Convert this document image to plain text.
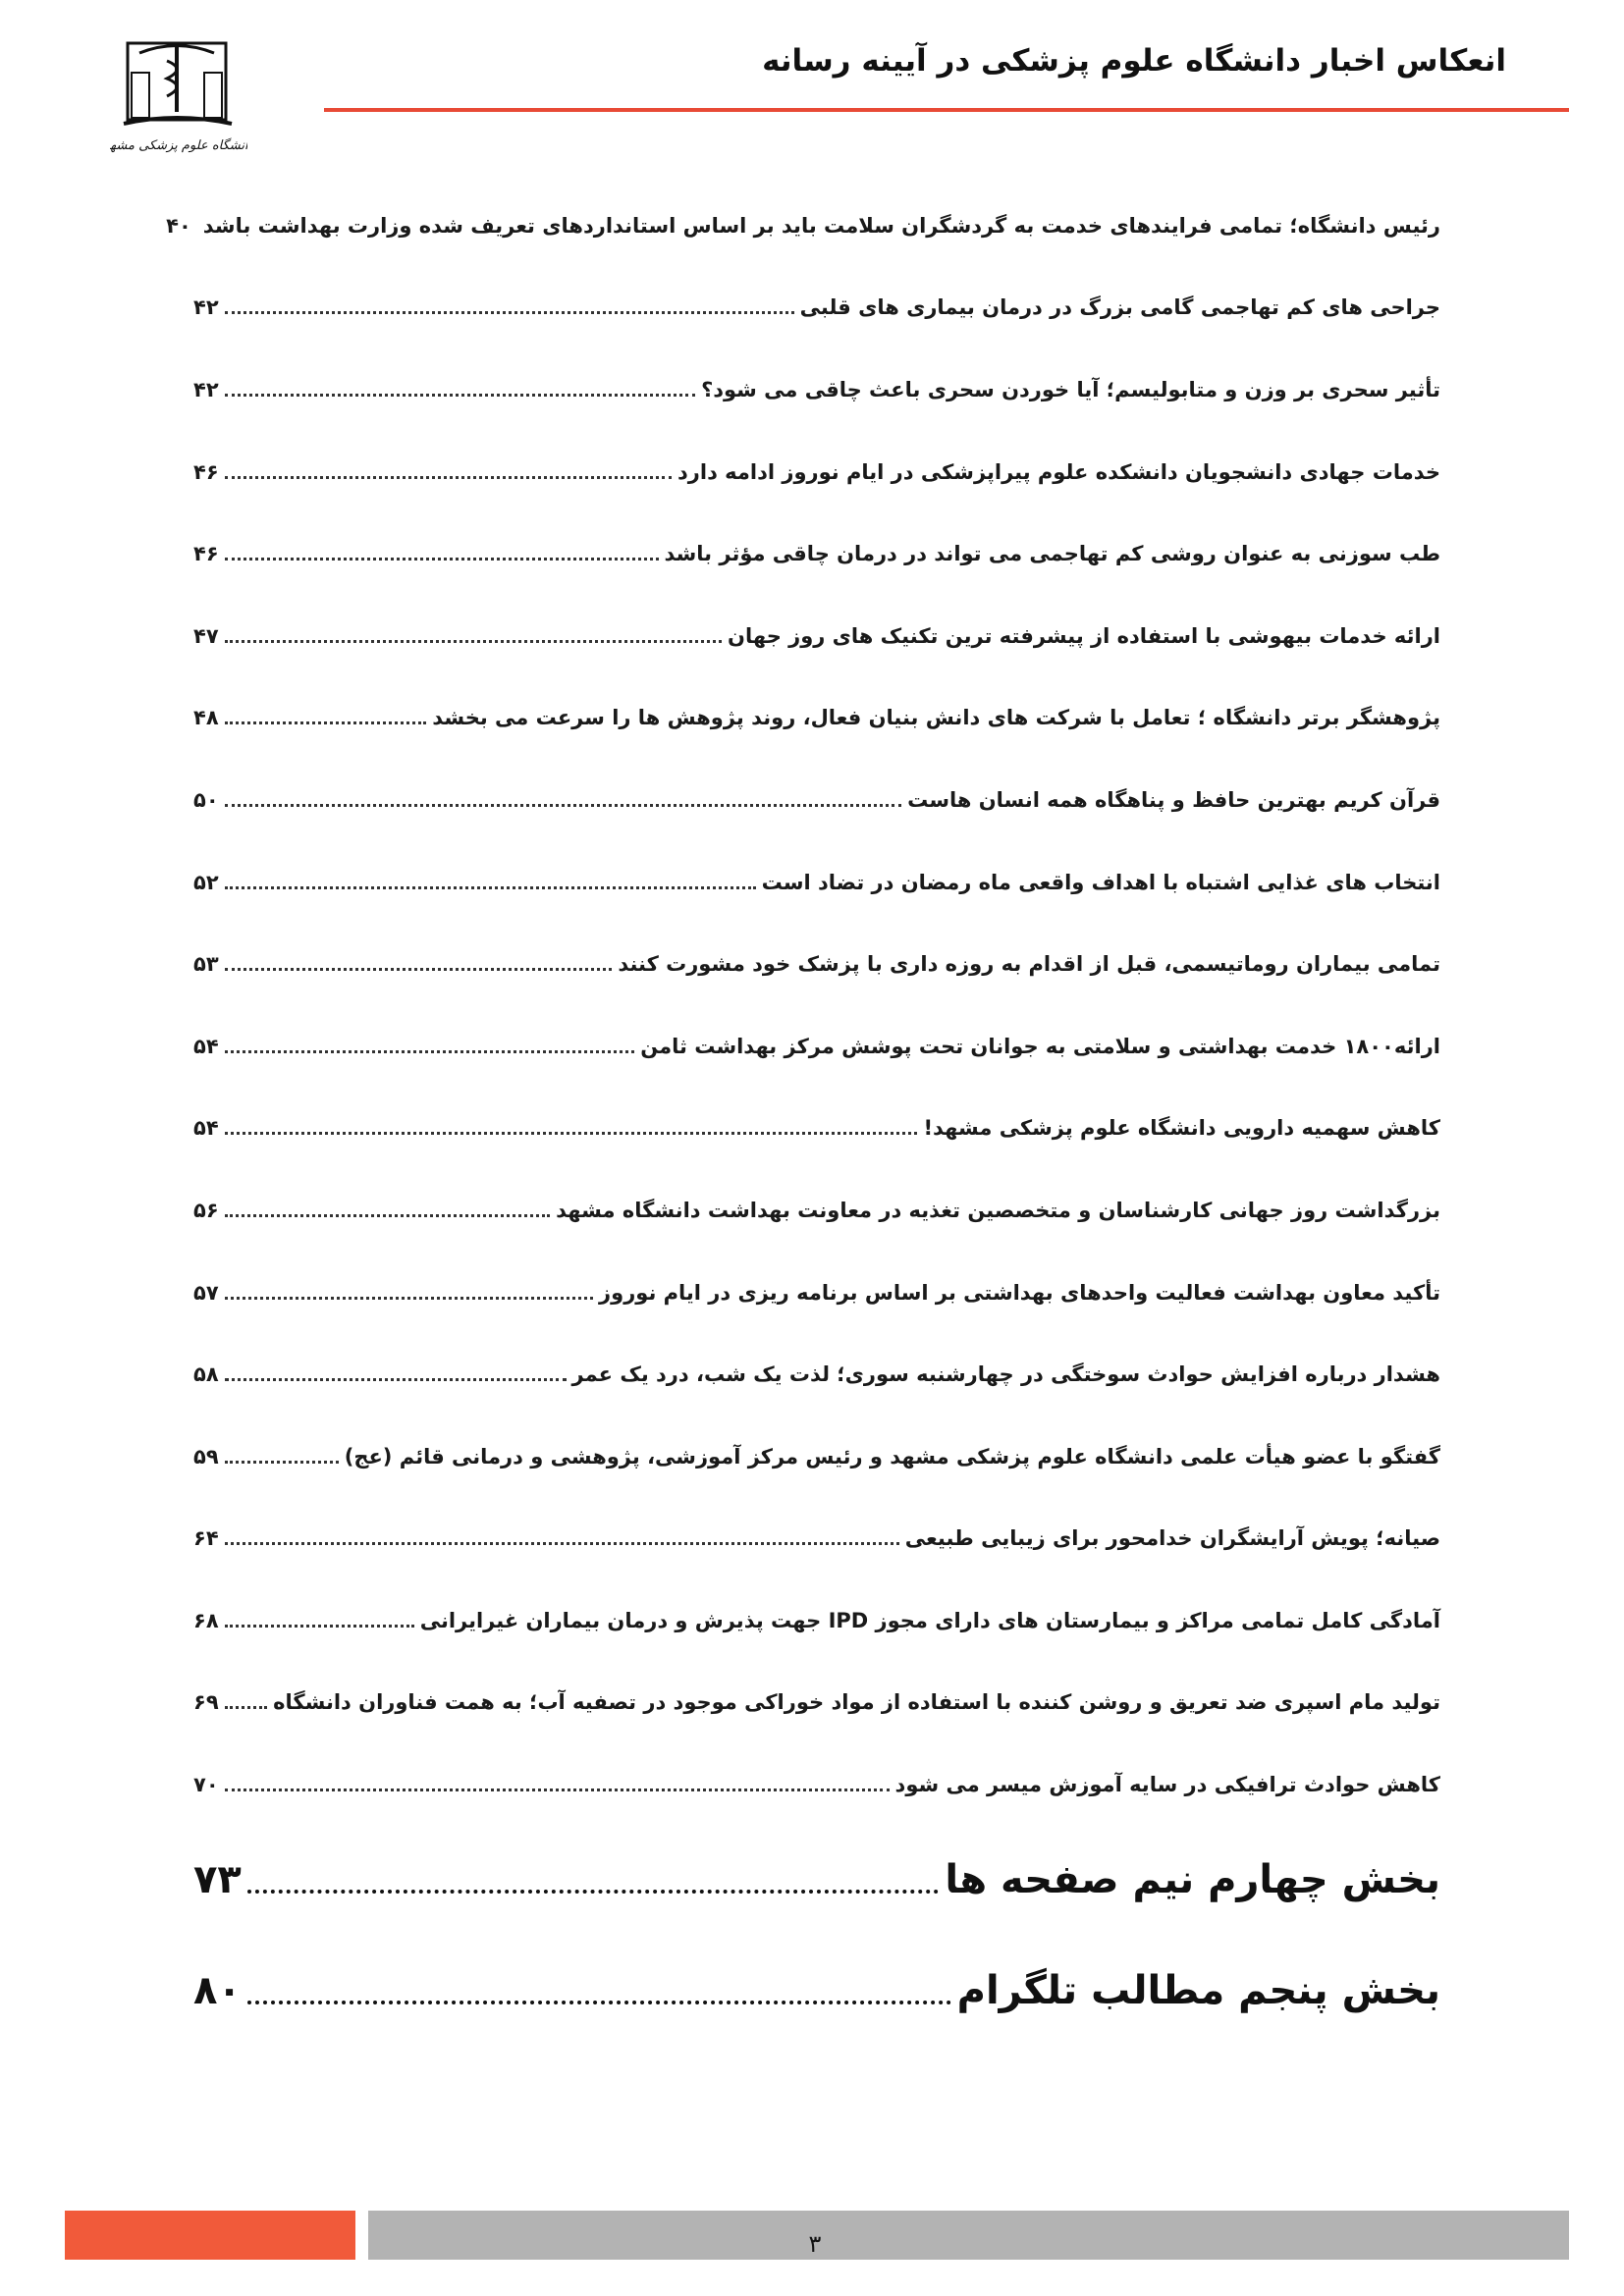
انعکاس اخبار دانشگاه علوم پزشکی در آیینه رسانه
دانشگاه علوم پزشکی مشهد
رئیس دانشگاه؛ تمامی فرایندهای خدمت به گردشگران سلامت باید بر اساس استانداردهای تعریف شده وزارت بهداشت باشد
۴۰
جراحی های کم تهاجمی گامی بزرگ در درمان بیماری های قلبی
۴۲
تأثیر سحری بر وزن و متابولیسم؛ آیا خوردن سحری باعث چاقی می شود؟
۴۲
خدمات جهادی دانشجویان دانشکده علوم پیراپزشکی در ایام نوروز ادامه دارد
۴۶
طب سوزنی به عنوان روشی کم تهاجمی می تواند در درمان چاقی مؤثر باشد
۴۶
ارائه خدمات بیهوشی با استفاده از پیشرفته ترین تکنیک های روز جهان
۴۷
پژوهشگر برتر دانشگاه ؛ تعامل با شرکت های دانش بنیان فعال، روند پژوهش ها را سرعت می بخشد
۴۸
قرآن کریم بهترین حافظ و پناهگاه همه انسان هاست
۵۰
انتخاب های غذایی اشتباه با اهداف واقعی ماه رمضان در تضاد است
۵۲
تمامی بیماران روماتیسمی، قبل از اقدام به روزه داری با پزشک خود مشورت کنند
۵۳
ارائه۱۸۰۰ خدمت بهداشتی و سلامتی به جوانان تحت پوشش مرکز بهداشت ثامن
۵۴
کاهش سهمیه دارویی دانشگاه علوم پزشکی مشهد!
۵۴
بزرگداشت روز جهانی کارشناسان و متخصصین تغذیه در معاونت بهداشت دانشگاه مشهد
۵۶
تأکید معاون بهداشت فعالیت واحدهای بهداشتی بر اساس برنامه ریزی در ایام نوروز
۵۷
هشدار درباره افزایش حوادث سوختگی در چهارشنبه سوری؛ لذت یک شب، درد یک عمر
۵۸
گفتگو با عضو هیأت علمی دانشگاه علوم پزشکی مشهد و رئیس مرکز آموزشی، پژوهشی و درمانی قائم (عج)
۵۹
صیانه؛ پویش آرایشگران خدامحور برای زیبایی طبیعی
۶۴
آمادگی کامل تمامی مراکز و بیمارستان های دارای مجوز IPD جهت پذیرش و درمان بیماران غیرایرانی
۶۸
تولید مام اسپری ضد تعریق و روشن کننده با استفاده از مواد خوراکی موجود در تصفیه آب؛ به همت فناوران دانشگاه
۶۹
کاهش حوادث ترافیکی در سایه آموزش میسر می شود
۷۰
بخش چهارم نیم صفحه ها
۷۳
بخش پنجم مطالب تلگرام
۸۰
۳
